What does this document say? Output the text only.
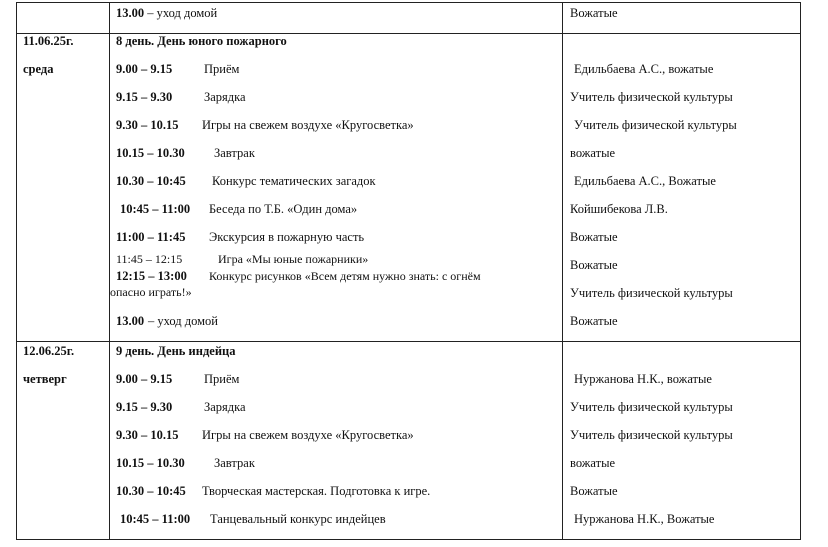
13.00 – уход домой	Вожатые
11.06.25г.
среда
8 день. День юного пожарного
9.00 – 9.15	Приём	Едильбаева А.С., вожатые
9.15 – 9.30	Зарядка	Учитель физической культуры
9.30 – 10.15 Игры на свежем воздухе «Кругосветка»	Учитель физической культуры
10.15 – 10.30 Завтрак	вожатые
10.30 – 10:45 Конкурс тематических загадок	Едильбаева А.С., Вожатые
10:45 – 11:00 Беседа по Т.Б. «Один дома»	Койшибекова Л.В.
11:00 – 11:45 Экскурсия в пожарную часть	Вожатые
11:45 – 12:15	Игра «Мы юные пожарники»	Вожатые
12:15 – 13:00 Конкурс рисунков «Всем детям нужно знать: с огнём
опасно играть!»	Учитель физической культуры
13.00 – уход домой	Вожатые
12.06.25г.
четверг
9 день. День индейца
9.00 – 9.15	Приём	Нуржанова Н.К., вожатые
9.15 – 9.30	Зарядка	Учитель физической культуры
9.30 – 10.15 Игры на свежем воздухе «Кругосветка»	Учитель физической культуры
10.15 – 10.30 Завтрак	вожатые
10.30 – 10:45 Творческая мастерская. Подготовка к игре.	Вожатые
10:45 – 11:00 Танцевальный конкурс индейцев	Нуржанова Н.К., Вожатые
